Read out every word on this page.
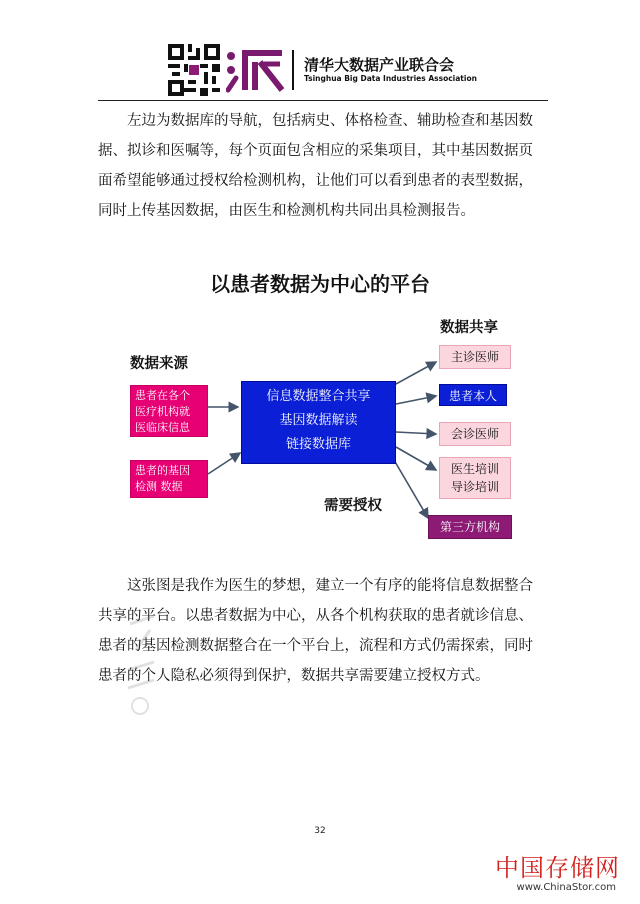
清华大数据产业联合会
Tsinghua Big Data Industries Association

左边为数据库的导航，包括病史、体格检查、辅助检查和基因数

据、拟诊和医嘱等，每个页面包含相应的采集项目，其中基因数据页

面希望能够通过授权给检测机构，让他们可以看到患者的表型数据，

同时上传基因数据，由医生和检测机构共同出具检测报告。

以患者数据为中心的平台
数据共享
数据来源
需要授权
患者在各个
医疗机构就
医临床信息
患者的基因
检测 数据
信息数据整合共享
基因数据解读
链接数据库
主诊医师
患者本人
会诊医师
医生培训
导诊培训
第三方机构

这张图是我作为医生的梦想，建立一个有序的能将信息数据整合

共享的平台。以患者数据为中心，从各个机构获取的患者就诊信息、

患者的基因检测数据整合在一个平台上，流程和方式仍需探索，同时

患者的个人隐私必须得到保护，数据共享需要建立授权方式。

32
中国存储网
www.ChinaStor.com
